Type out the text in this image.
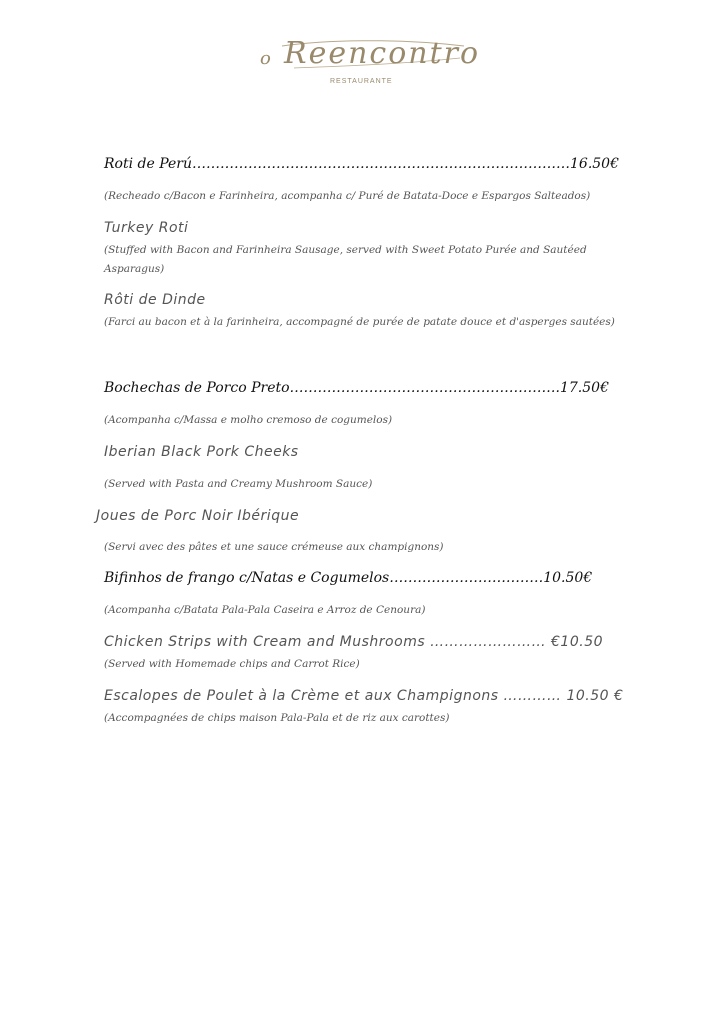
o Reencontro
RESTAURANTE
Roti de Perú………………………………………………………………………16.50€
(Recheado c/Bacon e Farinheira, acompanha c/ Puré de Batata-Doce e Espargos Salteados)
Turkey Roti
(Stuffed with Bacon and Farinheira Sausage, served with Sweet Potato Purée and Sautéed
Asparagus)
Rôti de Dinde
(Farci au bacon et à la farinheira, accompagné de purée de patate douce et d'asperges sautées)
Bochechas de Porco Preto………………………………………………….17.50€
(Acompanha c/Massa e molho cremoso de cogumelos)
Iberian Black Pork Cheeks
(Served with Pasta and Creamy Mushroom Sauce)
Joues de Porc Noir Ibérique
(Servi avec des pâtes et une sauce crémeuse aux champignons)
Bifinhos de frango c/Natas e Cogumelos……………………………10.50€
(Acompanha c/Batata Pala-Pala Caseira e Arroz de Cenoura)
Chicken Strips with Cream and Mushrooms …………………… €10.50
(Served with Homemade chips and Carrot Rice)
Escalopes de Poulet à la Crème et aux Champignons ………… 10.50 €
(Accompagnées de chips maison Pala-Pala et de riz aux carottes)
